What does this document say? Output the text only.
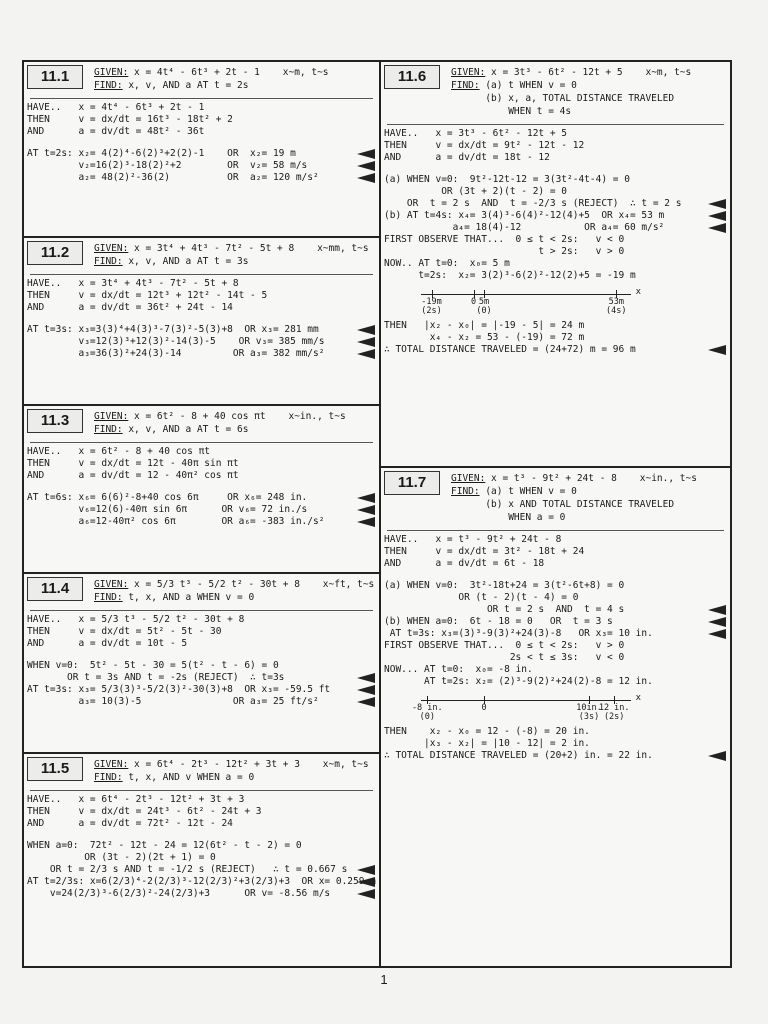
11.1	GIVEN: x = 4t⁴ - 6t³ + 2t - 1    x~m, t~s
FIND: x, v, AND a AT t = 2s
HAVE..   x = 4t⁴ - 6t³ + 2t - 1
THEN     v = dx/dt = 16t³ - 18t² + 2
AND      a = dv/dt = 48t² - 36t
AT t=2s: x₂= 4(2)⁴-6(2)³+2(2)-1    OR  x₂= 19 m
v₂=16(2)³-18(2)²+2        OR  v₂= 58 m/s
a₂= 48(2)²-36(2)          OR  a₂= 120 m/s²
11.2	GIVEN: x = 3t⁴ + 4t³ - 7t² - 5t + 8    x~mm, t~s
FIND: x, v, AND a AT t = 3s
HAVE..   x = 3t⁴ + 4t³ - 7t² - 5t + 8
THEN     v = dx/dt = 12t³ + 12t² - 14t - 5
AND      a = dv/dt = 36t² + 24t - 14
AT t=3s: x₃=3(3)⁴+4(3)³-7(3)²-5(3)+8  OR x₃= 281 mm
v₃=12(3)³+12(3)²-14(3)-5    OR v₃= 385 mm/s
a₃=36(3)²+24(3)-14         OR a₃= 382 mm/s²
11.3	GIVEN: x = 6t² - 8 + 40 cos πt    x~in., t~s
FIND: x, v, AND a AT t = 6s
HAVE..   x = 6t² - 8 + 40 cos πt
THEN     v = dx/dt = 12t - 40π sin πt
AND      a = dv/dt = 12 - 40π² cos πt
AT t=6s: x₆= 6(6)²-8+40 cos 6π     OR x₆= 248 in.
v₆=12(6)-40π sin 6π      OR v₆= 72 in./s
a₆=12-40π² cos 6π        OR a₆= -383 in./s²
11.4	GIVEN: x = 5/3 t³ - 5/2 t² - 30t + 8    x~ft, t~s
FIND: t, x, AND a WHEN v = 0
HAVE..   x = 5/3 t³ - 5/2 t² - 30t + 8
THEN     v = dx/dt = 5t² - 5t - 30
AND      a = dv/dt = 10t - 5
WHEN v=0:  5t² - 5t - 30 = 5(t² - t - 6) = 0
OR t = 3s AND t = -2s (REJECT)  ∴ t=3s
AT t=3s: x₃= 5/3(3)³-5/2(3)²-30(3)+8  OR x₃= -59.5 ft
a₃= 10(3)-5                OR a₃= 25 ft/s²
11.5	GIVEN: x = 6t⁴ - 2t³ - 12t² + 3t + 3    x~m, t~s
FIND: t, x, AND v WHEN a = 0
HAVE..   x = 6t⁴ - 2t³ - 12t² + 3t + 3
THEN     v = dx/dt = 24t³ - 6t² - 24t + 3
AND      a = dv/dt = 72t² - 12t - 24
WHEN a=0:  72t² - 12t - 24 = 12(6t² - t - 2) = 0
OR (3t - 2)(2t + 1) = 0
OR t = 2/3 s AND t = -1/2 s (REJECT)   ∴ t = 0.667 s
AT t=2/3s: x=6(2/3)⁴-2(2/3)³-12(2/3)²+3(2/3)+3  OR x= 0.259 m
v=24(2/3)³-6(2/3)²-24(2/3)+3      OR v= -8.56 m/s
11.6	GIVEN: x = 3t³ - 6t² - 12t + 5    x~m, t~s
FIND: (a) t WHEN v = 0
(b) x, a, TOTAL DISTANCE TRAVELED
WHEN t = 4s
HAVE..   x = 3t³ - 6t² - 12t + 5
THEN     v = dx/dt = 9t² - 12t - 12
AND      a = dv/dt = 18t - 12
(a) WHEN v=0:  9t²-12t-12 = 3(3t²-4t-4) = 0
OR (3t + 2)(t - 2) = 0
OR  t = 2 s  AND  t = -2/3 s (REJECT)  ∴ t = 2 s
(b) AT t=4s: x₄= 3(4)³-6(4)²-12(4)+5  OR x₄= 53 m
a₄= 18(4)-12           OR a₄= 60 m/s²
FIRST OBSERVE THAT...  0 ≤ t < 2s:   v < 0
t > 2s:   v > 0
NOW.. AT t=0:  x₀= 5 m
t=2s:  x₂= 3(2)³-6(2)²-12(2)+5 = -19 m
x
-19m
(2s)
0 5m
(0)
53m
(4s)
THEN   |x₂ - x₀| = |-19 - 5| = 24 m
x₄ - x₂ = 53 - (-19) = 72 m
∴ TOTAL DISTANCE TRAVELED = (24+72) m = 96 m
11.7	GIVEN: x = t³ - 9t² + 24t - 8    x~in., t~s
FIND: (a) t WHEN v = 0
(b) x AND TOTAL DISTANCE TRAVELED
WHEN a = 0
HAVE..   x = t³ - 9t² + 24t - 8
THEN     v = dx/dt = 3t² - 18t + 24
AND      a = dv/dt = 6t - 18
(a) WHEN v=0:  3t²-18t+24 = 3(t²-6t+8) = 0
OR (t - 2)(t - 4) = 0
OR t = 2 s  AND  t = 4 s
(b) WHEN a=0:  6t - 18 = 0   OR  t = 3 s
AT t=3s: x₃=(3)³-9(3)²+24(3)-8   OR x₃= 10 in.
FIRST OBSERVE THAT...  0 ≤ t < 2s:   v > 0
2s < t ≤ 3s:   v < 0
NOW... AT t=0:  x₀= -8 in.
AT t=2s: x₂= (2)³-9(2)²+24(2)-8 = 12 in.
x
-8 in.
(0)
0	10in.
(3s)
12 in.
(2s)
THEN    x₂ - x₀ = 12 - (-8) = 20 in.
|x₃ - x₂| = |10 - 12| = 2 in.
∴ TOTAL DISTANCE TRAVELED = (20+2) in. = 22 in.
1
